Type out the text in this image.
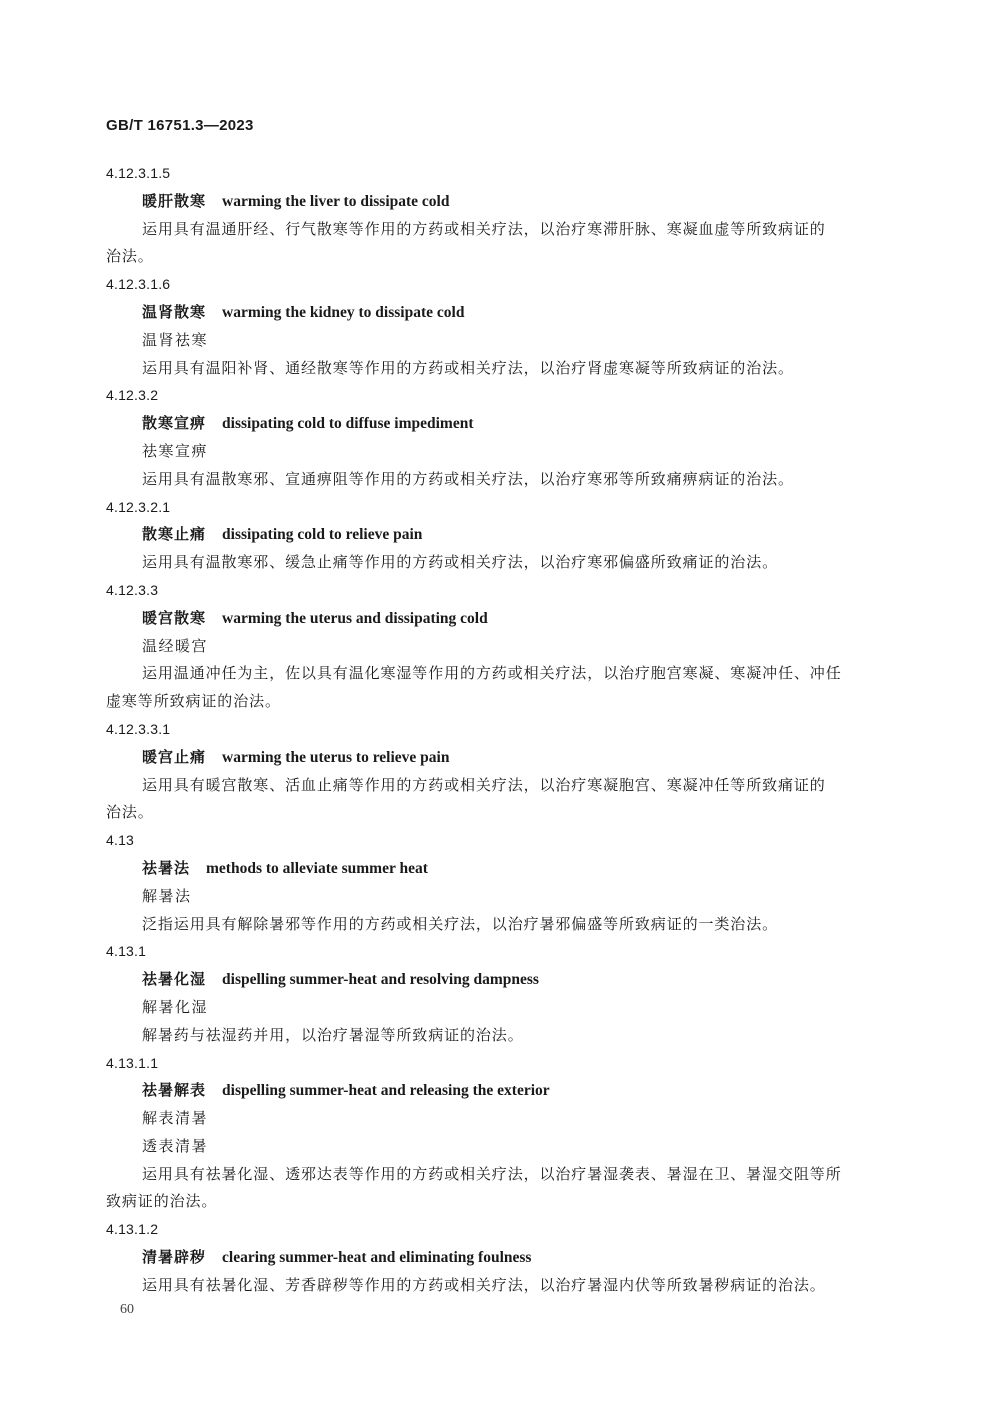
GB/T 16751.3—2023
4.12.3.1.5
暖肝散寒 warming the liver to dissipate cold
运用具有温通肝经、行气散寒等作用的方药或相关疗法，以治疗寒滞肝脉、寒凝血虚等所致病证的
治法。
4.12.3.1.6
温肾散寒 warming the kidney to dissipate cold
温肾祛寒
运用具有温阳补肾、通经散寒等作用的方药或相关疗法，以治疗肾虚寒凝等所致病证的治法。
4.12.3.2
散寒宣痹 dissipating cold to diffuse impediment
祛寒宣痹
运用具有温散寒邪、宣通痹阻等作用的方药或相关疗法，以治疗寒邪等所致痛痹病证的治法。
4.12.3.2.1
散寒止痛 dissipating cold to relieve pain
运用具有温散寒邪、缓急止痛等作用的方药或相关疗法，以治疗寒邪偏盛所致痛证的治法。
4.12.3.3
暖宫散寒 warming the uterus and dissipating cold
温经暖宫
运用温通冲任为主，佐以具有温化寒湿等作用的方药或相关疗法，以治疗胞宫寒凝、寒凝冲任、冲任
虚寒等所致病证的治法。
4.12.3.3.1
暖宫止痛 warming the uterus to relieve pain
运用具有暖宫散寒、活血止痛等作用的方药或相关疗法，以治疗寒凝胞宫、寒凝冲任等所致痛证的
治法。
4.13
祛暑法 methods to alleviate summer heat
解暑法
泛指运用具有解除暑邪等作用的方药或相关疗法，以治疗暑邪偏盛等所致病证的一类治法。
4.13.1
祛暑化湿 dispelling summer-heat and resolving dampness
解暑化湿
解暑药与祛湿药并用，以治疗暑湿等所致病证的治法。
4.13.1.1
祛暑解表 dispelling summer-heat and releasing the exterior
解表清暑
透表清暑
运用具有祛暑化湿、透邪达表等作用的方药或相关疗法，以治疗暑湿袭表、暑湿在卫、暑湿交阻等所
致病证的治法。
4.13.1.2
清暑辟秽 clearing summer-heat and eliminating foulness
运用具有祛暑化湿、芳香辟秽等作用的方药或相关疗法，以治疗暑湿内伏等所致暑秽病证的治法。
60
